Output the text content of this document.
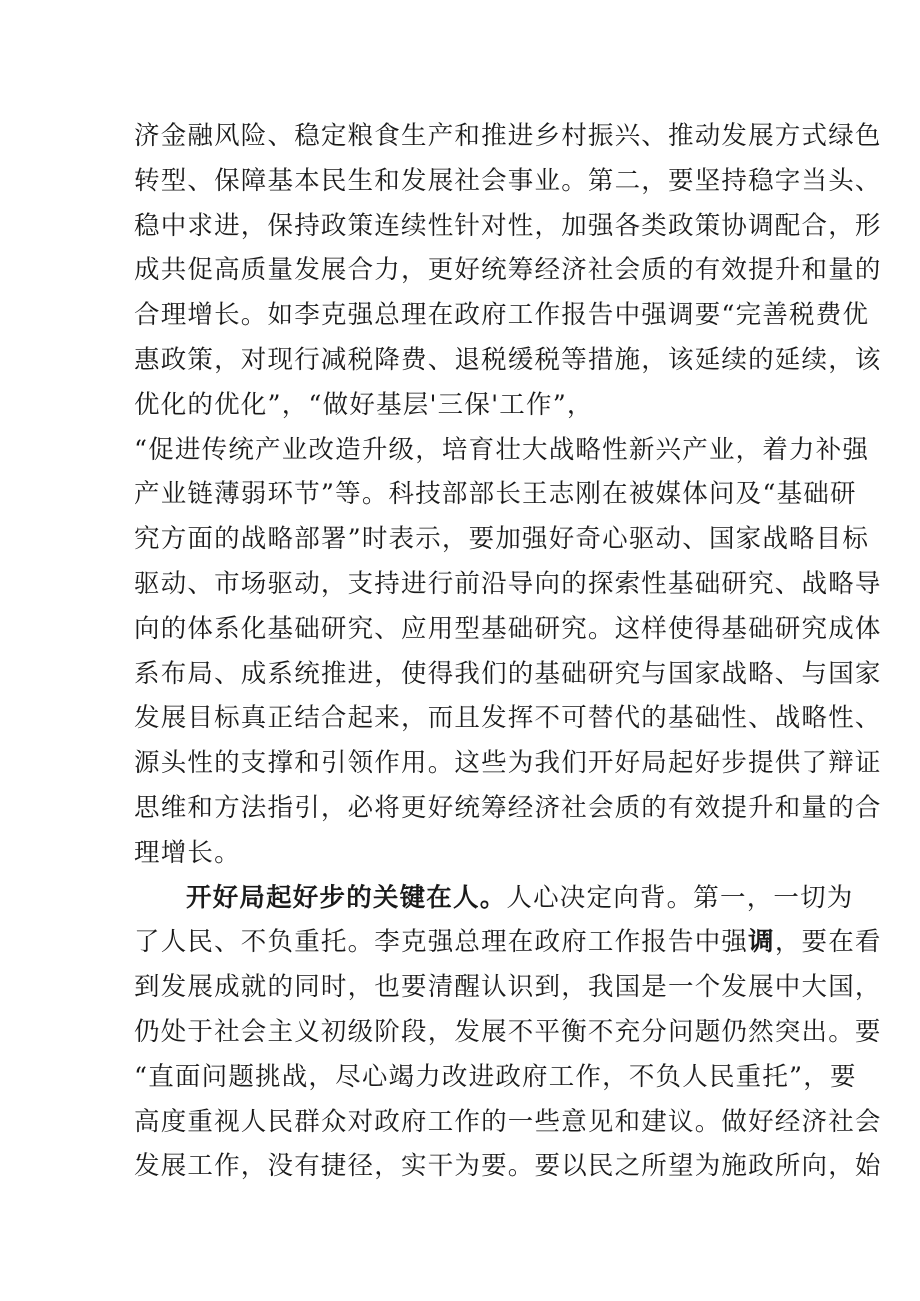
济金融风险、稳定粮食生产和推进乡村振兴、推动发展方式绿色
转型、保障基本民生和发展社会事业。第二，要坚持稳字当头、
稳中求进，保持政策连续性针对性，加强各类政策协调配合，形
成共促高质量发展合力，更好统筹经济社会质的有效提升和量的
合理增长。如李克强总理在政府工作报告中强调要“完善税费优
惠政策，对现行减税降费、退税缓税等措施，该延续的延续，该
优化的优化”，“做好基层'三保'工作”，
“促进传统产业改造升级，培育壮大战略性新兴产业，着力补强
产业链薄弱环节”等。科技部部长王志刚在被媒体问及“基础研
究方面的战略部署”时表示，要加强好奇心驱动、国家战略目标
驱动、市场驱动，支持进行前沿导向的探索性基础研究、战略导
向的体系化基础研究、应用型基础研究。这样使得基础研究成体
系布局、成系统推进，使得我们的基础研究与国家战略、与国家
发展目标真正结合起来，而且发挥不可替代的基础性、战略性、
源头性的支撑和引领作用。这些为我们开好局起好步提供了辩证
思维和方法指引，必将更好统筹经济社会质的有效提升和量的合
理增长。
开好局起好步的关键在人。人心决定向背。第一，一切为
了人民、不负重托。李克强总理在政府工作报告中强调，要在看
到发展成就的同时，也要清醒认识到，我国是一个发展中大国，
仍处于社会主义初级阶段，发展不平衡不充分问题仍然突出。要
“直面问题挑战，尽心竭力改进政府工作，不负人民重托”，要
高度重视人民群众对政府工作的一些意见和建议。做好经济社会
发展工作，没有捷径，实干为要。要以民之所望为施政所向，始
